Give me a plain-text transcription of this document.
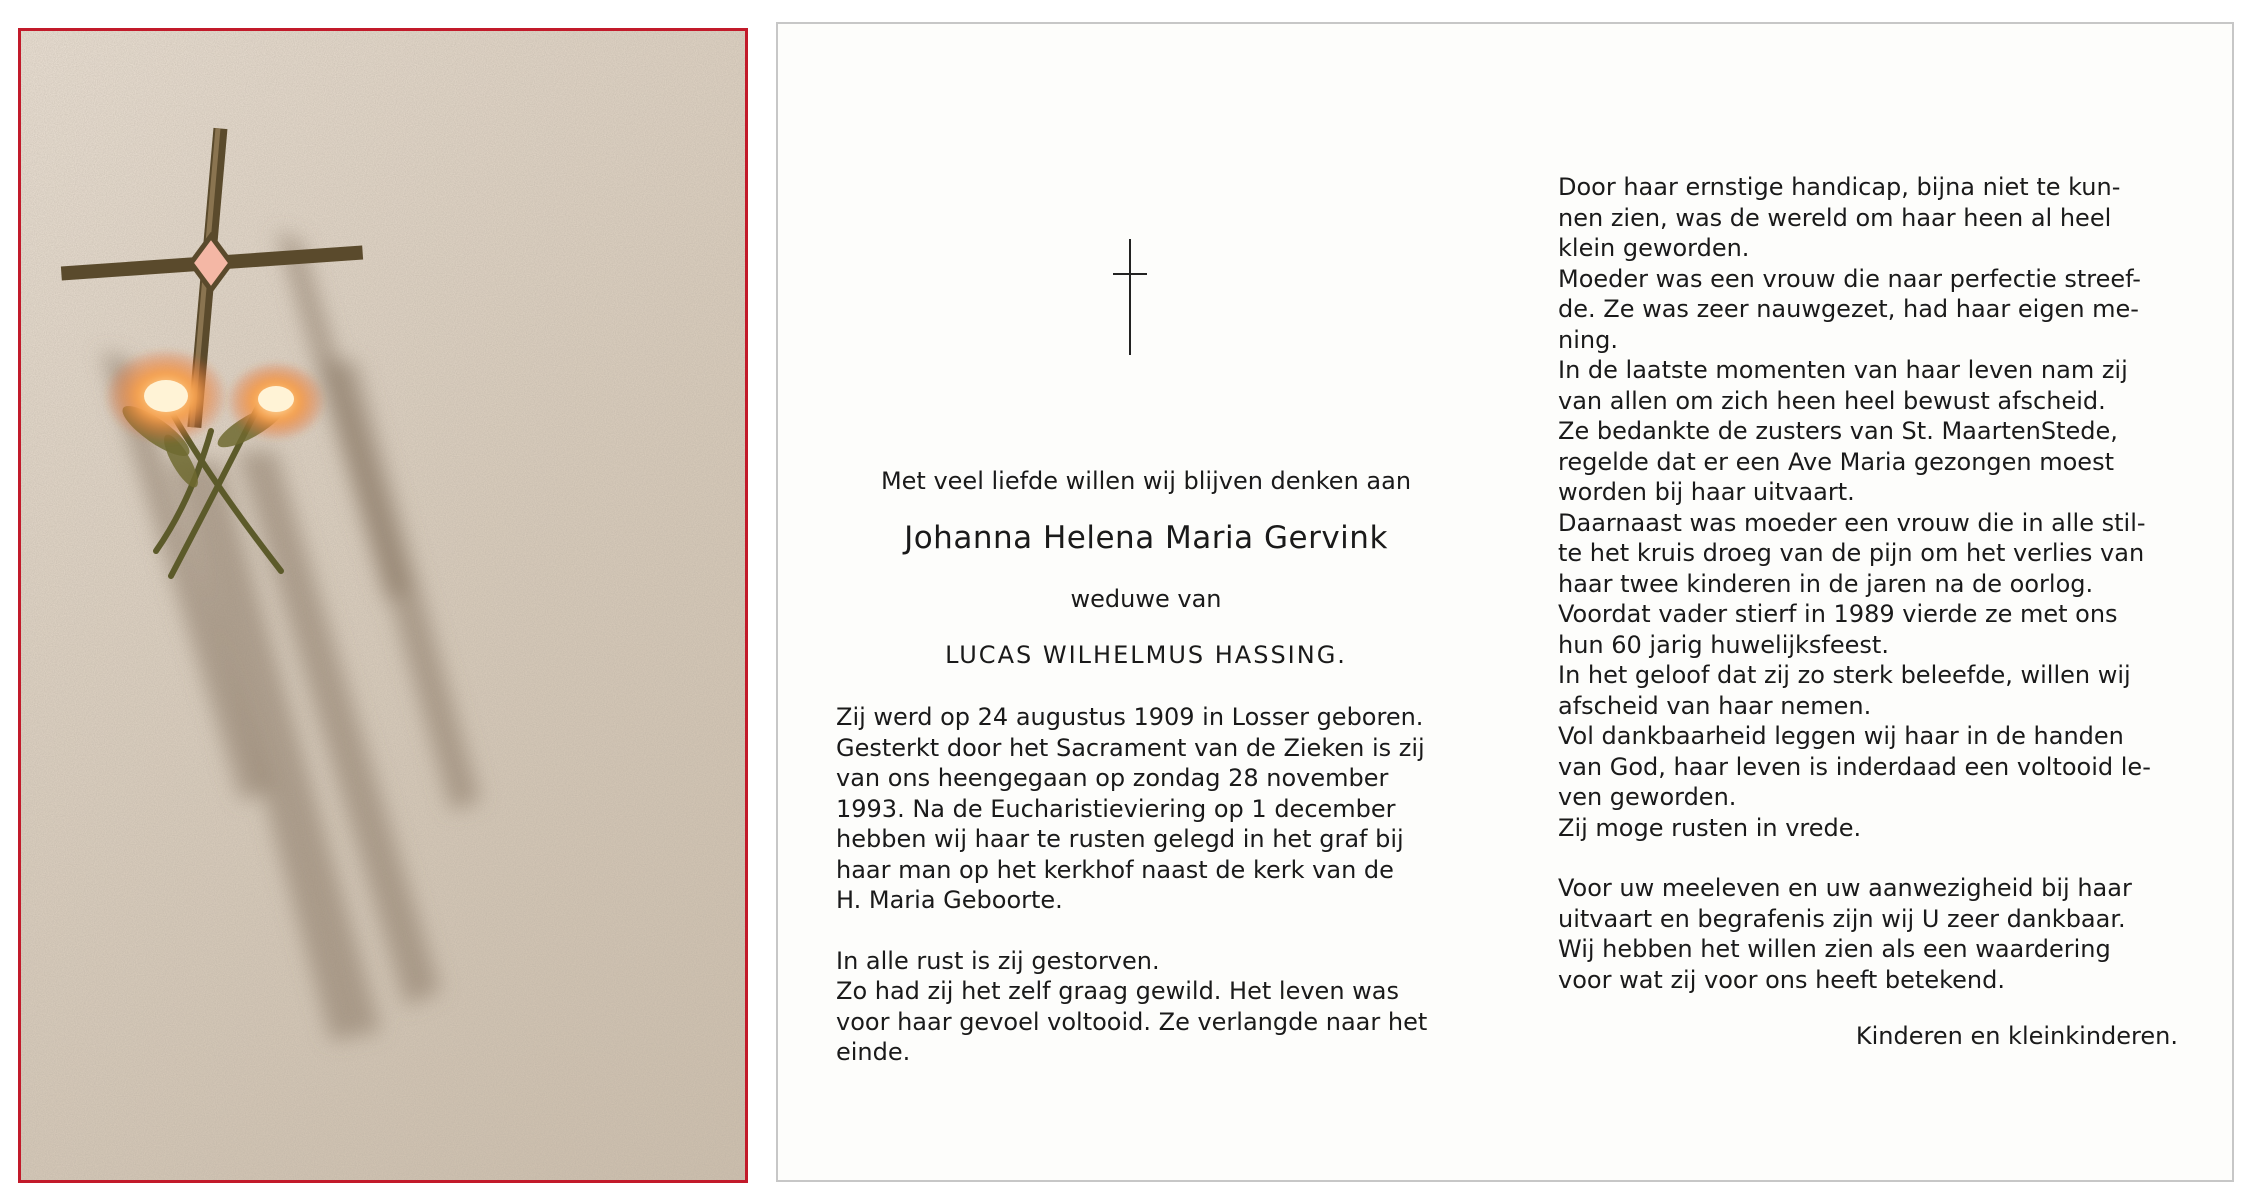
Met veel liefde willen wij blijven denken aan
Johanna Helena Maria Gervink
weduwe van
LUCAS WILHELMUS HASSING.
Zij werd op 24 augustus 1909 in Losser geboren.
Gesterkt door het Sacrament van de Zieken is zij
van ons heengegaan op zondag 28 november
1993. Na de Eucharistieviering op 1 december
hebben wij haar te rusten gelegd in het graf bij
haar man op het kerkhof naast de kerk van de
H. Maria Geboorte.
In alle rust is zij gestorven.
Zo had zij het zelf graag gewild. Het leven was
voor haar gevoel voltooid. Ze verlangde naar het
einde.
Door haar ernstige handicap, bijna niet te kun-
nen zien, was de wereld om haar heen al heel
klein geworden.
Moeder was een vrouw die naar perfectie streef-
de. Ze was zeer nauwgezet, had haar eigen me-
ning.
In de laatste momenten van haar leven nam zij
van allen om zich heen heel bewust afscheid.
Ze bedankte de zusters van St. MaartenStede,
regelde dat er een Ave Maria gezongen moest
worden bij haar uitvaart.
Daarnaast was moeder een vrouw die in alle stil-
te het kruis droeg van de pijn om het verlies van
haar twee kinderen in de jaren na de oorlog.
Voordat vader stierf in 1989 vierde ze met ons
hun 60 jarig huwelijksfeest.
In het geloof dat zij zo sterk beleefde, willen wij
afscheid van haar nemen.
Vol dankbaarheid leggen wij haar in de handen
van God, haar leven is inderdaad een voltooid le-
ven geworden.
Zij moge rusten in vrede.
Voor uw meeleven en uw aanwezigheid bij haar
uitvaart en begrafenis zijn wij U zeer dankbaar.
Wij hebben het willen zien als een waardering
voor wat zij voor ons heeft betekend.
Kinderen en kleinkinderen.
